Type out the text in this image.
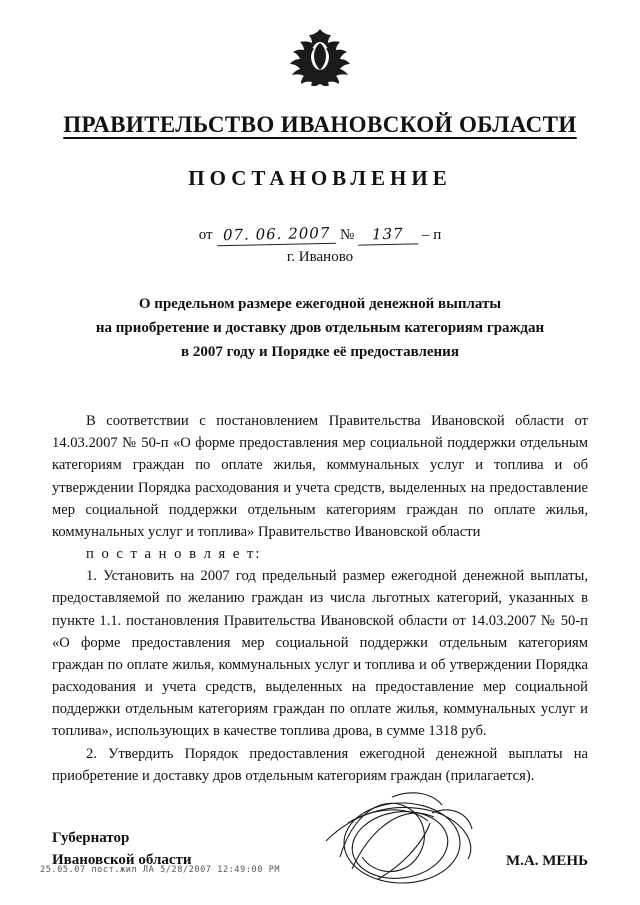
ПРАВИТЕЛЬСТВО ИВАНОВСКОЙ ОБЛАСТИ
ПОСТАНОВЛЕНИЕ
от 07. 06. 2007 №	137	– п
г. Иваново
О предельном размере ежегодной денежной выплаты
на приобретение и доставку дров отдельным категориям граждан
в 2007 году и Порядке её предоставления

В соответствии с постановлением Правительства Ивановской области от 14.03.2007 № 50-п «О форме предоставления мер социальной поддержки отдельным категориям граждан по оплате жилья, коммунальных услуг и топлива и об утверждении Порядка расходования и учета средств, выделенных на предоставление мер социальной поддержки отдельным категориям граждан по оплате жилья, коммунальных услуг и топлива» Правительство Ивановской области

п о с т а н о в л я е т:

1. Установить на 2007 год предельный размер ежегодной денежной выплаты, предоставляемой по желанию граждан из числа льготных категорий, указанных в пункте 1.1. постановления Правительства Ивановской области от 14.03.2007 № 50-п «О форме предоставления мер социальной поддержки отдельным категориям граждан по оплате жилья, коммунальных услуг и топлива и об утверждении Порядка расходования и учета средств, выделенных на предоставление мер социальной поддержки отдельным категориям граждан по оплате жилья, коммунальных услуг и топлива», использующих в качестве топлива дрова, в сумме 1318 руб.

2. Утвердить Порядок предоставления ежегодной денежной выплаты на приобретение и доставку дров отдельным категориям граждан (прилагается).

Губернатор
Ивановской области	М.А. МЕНЬ
25.05.07 пост.жил ЛА 5/28/2007 12:49:00 PM
